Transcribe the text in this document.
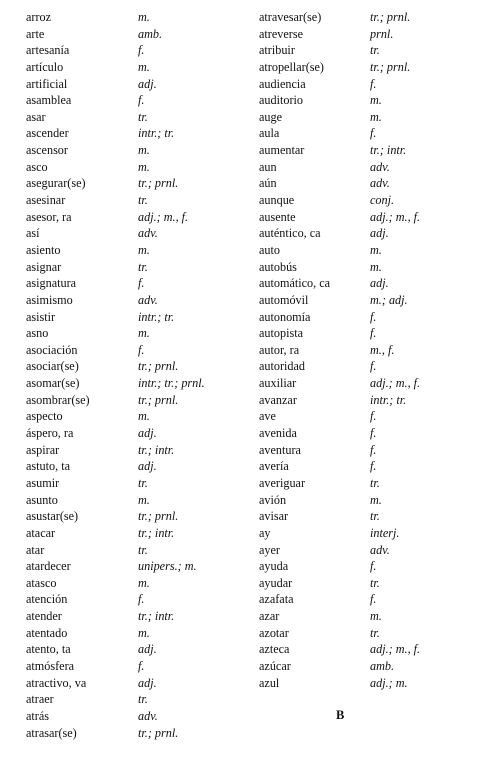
arroz	m.
arte	amb.
artesanía	f.
artículo	m.
artificial	adj.
asamblea	f.
asar	tr.
ascender	intr.; tr.
ascensor	m.
asco	m.
asegurar(se)	tr.; prnl.
asesinar	tr.
asesor, ra	adj.; m., f.
así	adv.
asiento	m.
asignar	tr.
asignatura	f.
asimismo	adv.
asistir	intr.; tr.
asno	m.
asociación	f.
asociar(se)	tr.; prnl.
asomar(se)	intr.; tr.; prnl.
asombrar(se)	tr.; prnl.
aspecto	m.
áspero, ra	adj.
aspirar	tr.; intr.
astuto, ta	adj.
asumir	tr.
asunto	m.
asustar(se)	tr.; prnl.
atacar	tr.; intr.
atar	tr.
atardecer	unipers.; m.
atasco	m.
atención	f.
atender	tr.; intr.
atentado	m.
atento, ta	adj.
atmósfera	f.
atractivo, va	adj.
atraer	tr.
atrás	adv.
atrasar(se)	tr.; prnl.
atravesar(se)	tr.; prnl.
atreverse	prnl.
atribuir	tr.
atropellar(se)	tr.; prnl.
audiencia	f.
auditorio	m.
auge	m.
aula	f.
aumentar	tr.; intr.
aun	adv.
aún	adv.
aunque	conj.
ausente	adj.; m., f.
auténtico, ca	adj.
auto	m.
autobús	m.
automático, ca	adj.
automóvil	m.; adj.
autonomía	f.
autopista	f.
autor, ra	m., f.
autoridad	f.
auxiliar	adj.; m., f.
avanzar	intr.; tr.
ave	f.
avenida	f.
aventura	f.
avería	f.
averiguar	tr.
avión	m.
avisar	tr.
ay	interj.
ayer	adv.
ayuda	f.
ayudar	tr.
azafata	f.
azar	m.
azotar	tr.
azteca	adj.; m., f.
azúcar	amb.
azul	adj.; m.
B
